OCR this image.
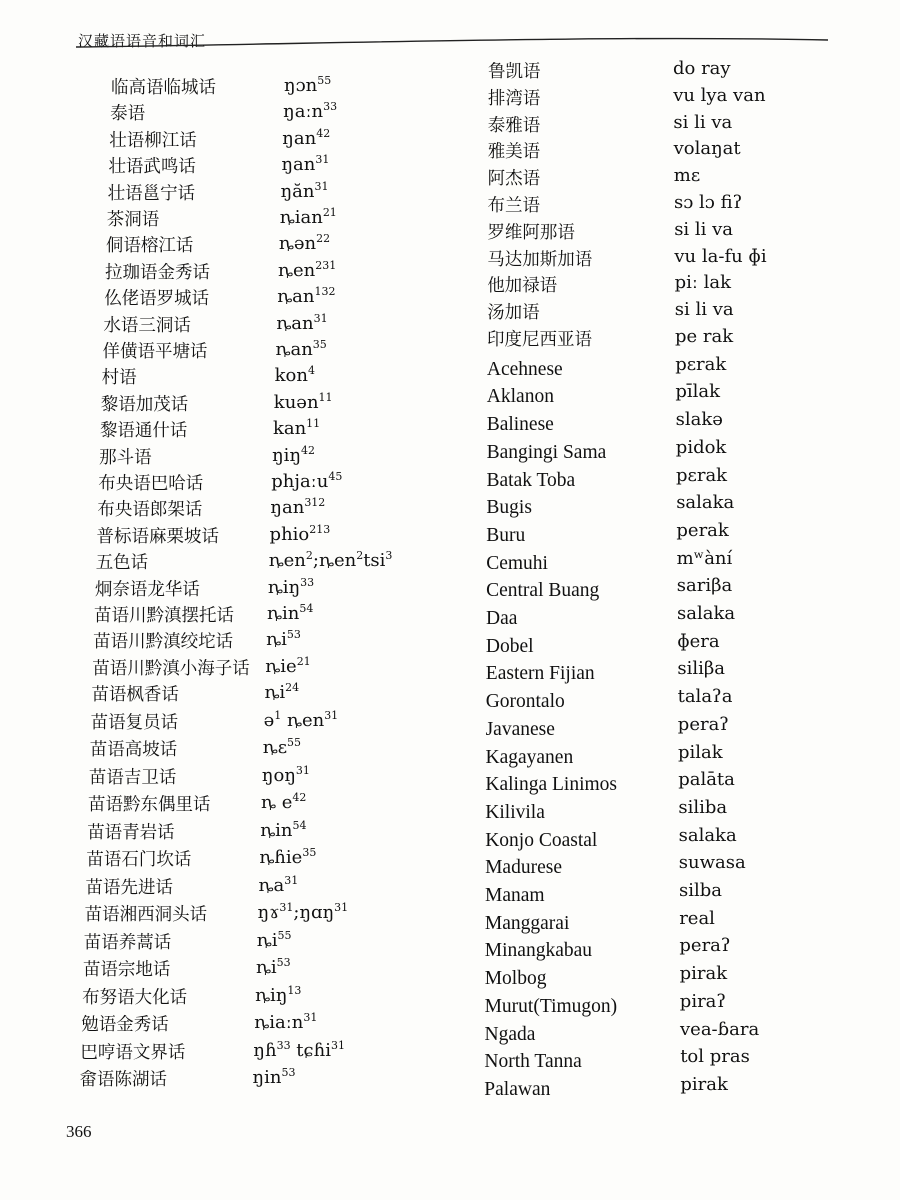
汉藏语语音和词汇
临高语临城话	ŋɔn$^{55}$
泰语	ŋaːn$^{33}$
壮语柳江话	ŋan$^{42}$
壮语武鸣话	ŋan$^{31}$
壮语邕宁话	ŋăn$^{31}$
茶洞语	ȵian$^{21}$
侗语榕江话	ȵən$^{22}$
拉珈语金秀话	ȵen$^{231}$
仫佬语罗城话	ȵan$^{132}$
水语三洞话	ȵan$^{31}$
佯僙语平塘话	ȵan$^{35}$
村语	kon$^4$
黎语加茂话	kuən$^{11}$
黎语通什话	kan$^{11}$
那斗语	ŋiŋ$^{42}$
布央语巴哈话	phjaːu$^{45}$
布央语郎架话	ŋan$^{312}$
普标语麻栗坡话	phio$^{213}$
五色话	ȵen$^2$;ȵen$^2$tsi$^3$
炯奈语龙华话	ȵiŋ$^{33}$
苗语川黔滇摆托话 ȵin$^{54}$
苗语川黔滇绞坨话 $ȵi^{53}$
苗语川黔滇小海子话 ȵie$^{21}$
苗语枫香话	$ȵi^{24}$
苗语复员话	ə$^1$ ȵen$^{31}$
苗语高坡话	ȵɛ$^{55}$
苗语吉卫话	ŋoŋ$^{31}$
苗语黔东偶里话	ȵ $e^{42}$
苗语青岩话	ȵin$^{54}$
苗语石门坎话	ȵɦie$^{35}$
苗语先进话	$ȵa^{31}$
苗语湘西洞头话	ŋɤ$^{31}$;ŋɑŋ$^{31}$
苗语养蒿话	$ȵi^{55}$
苗语宗地话	$ȵi^{53}$
布努语大化话	ȵiŋ$^{13}$
勉语金秀话	ȵiaːn$^{31}$
巴哼语文界话	ŋɦ$^{33}$ tɕɦi$^{31}$
畲语陈湖话	ŋin$^{53}$
鲁凯语	do ray
排湾语	vu lya van
泰雅语	si li va
雅美语	volaŋat
阿杰语	mɛ
布兰语	sɔ lɔ fiʔ
罗维阿那语	si li va
马达加斯加语	vu la-fu ɸi
他加禄语	piː lak
汤加语	si li va
印度尼西亚语	pe rak
Acehnese	pɛrak
Aklanon	pīlak
Balinese	slakə
Bangingi Sama	pidok
Batak Toba	pɛrak
Bugis	salaka
Buru	perak
Cemuhi	mʷàní
Central Buang	sariβa
Daa	salaka
Dobel	ɸera
Eastern Fijian	siliβa
Gorontalo	talaʔa
Javanese	peraʔ
Kagayanen	pilak
Kalinga Linimos	palāta
Kilivila	siliba
Konjo Coastal	salaka
Madurese	suwasa
Manam	silba
Manggarai	real
Minangkabau	peraʔ
Molbog	pirak
Murut(Timugon)	piraʔ
Ngada	vea-ɓara
North Tanna	tol pras
Palawan	pirak
366
